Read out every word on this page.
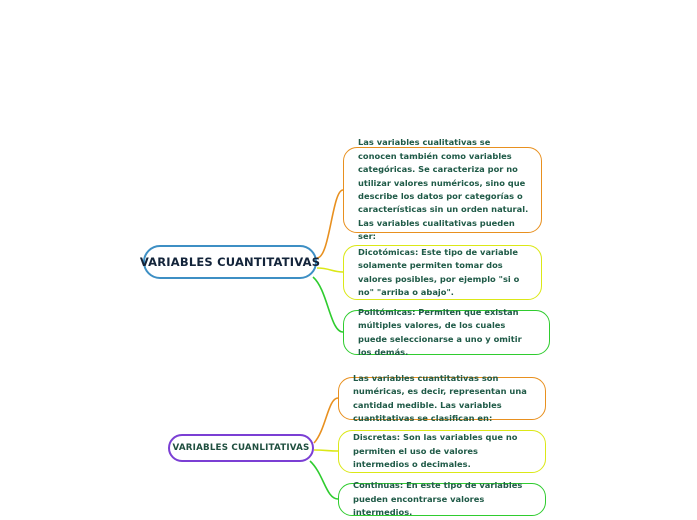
VARIABLES CUANTITATIVAS
VARIABLES CUANLITATIVAS

Las variables cualitativas se conocen también como variables categóricas. Se caracteriza por no utilizar valores numéricos, sino que describe los datos por categorías o características sin un orden natural. Las variables cualitativas pueden ser:

Dicotómicas: Este tipo de variable solamente permiten tomar dos valores posibles, por ejemplo "si o no" "arriba o abajo".

Politómicas: Permiten que existan múltiples valores, de los cuales puede seleccionarse a uno y omitir los demás.

Las variables cuantitativas son numéricas, es decir, representan una cantidad medible. Las variables cuantitativas se clasifican en:

Discretas: Son las variables que no permiten el uso de valores intermedios o decimales.

Continuas: En este tipo de variables pueden encontrarse valores intermedios.
